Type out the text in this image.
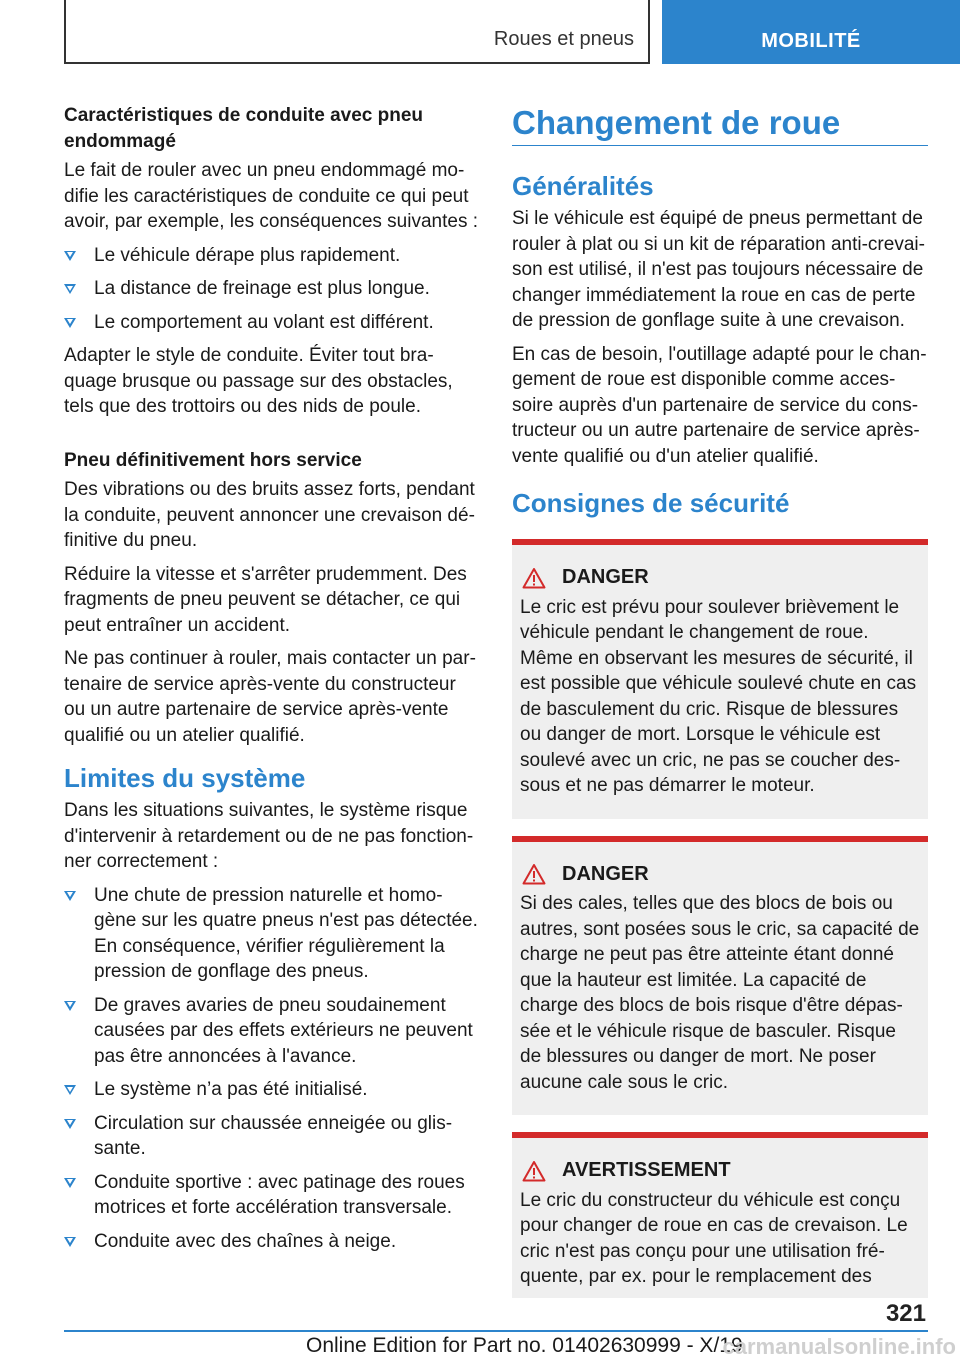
Roues et pneus	MOBILITÉ
Caractéristiques de conduite avec pneu endommagé
Le fait de rouler avec un pneu endommagé modifie les caractéristiques de conduite ce qui peut avoir, par exemple, les conséquences suivantes :
Le véhicule dérape plus rapidement.
La distance de freinage est plus longue.
Le comportement au volant est différent.
Adapter le style de conduite. Éviter tout braquage brusque ou passage sur des obstacles, tels que des trottoirs ou des nids de poule.
Pneu définitivement hors service
Des vibrations ou des bruits assez forts, pendant la conduite, peuvent annoncer une crevaison définitive du pneu.
Réduire la vitesse et s'arrêter prudemment. Des fragments de pneu peuvent se détacher, ce qui peut entraîner un accident.
Ne pas continuer à rouler, mais contacter un partenaire de service après-vente du constructeur ou un autre partenaire de service après-vente qualifié ou un atelier qualifié.
Limites du système
Dans les situations suivantes, le système risque d'intervenir à retardement ou de ne pas fonctionner correctement :
Une chute de pression naturelle et homogène sur les quatre pneus n'est pas détectée. En conséquence, vérifier régulièrement la pression de gonflage des pneus.
De graves avaries de pneu soudainement causées par des effets extérieurs ne peuvent pas être annoncées à l'avance.
Le système n’a pas été initialisé.
Circulation sur chaussée enneigée ou glissante.
Conduite sportive : avec patinage des roues motrices et forte accélération transversale.
Conduite avec des chaînes à neige.
Changement de roue
Généralités
Si le véhicule est équipé de pneus permettant de rouler à plat ou si un kit de réparation anti-crevaison est utilisé, il n'est pas toujours nécessaire de changer immédiatement la roue en cas de perte de pression de gonflage suite à une crevaison.
En cas de besoin, l'outillage adapté pour le changement de roue est disponible comme accessoire auprès d'un partenaire de service du constructeur ou un autre partenaire de service après-vente qualifié ou d'un atelier qualifié.
Consignes de sécurité
DANGER
Le cric est prévu pour soulever brièvement le véhicule pendant le changement de roue. Même en observant les mesures de sécurité, il est possible que véhicule soulevé chute en cas de basculement du cric. Risque de blessures ou danger de mort. Lorsque le véhicule est soulevé avec un cric, ne pas se coucher dessous et ne pas démarrer le moteur.
DANGER
Si des cales, telles que des blocs de bois ou autres, sont posées sous le cric, sa capacité de charge ne peut pas être atteinte étant donné que la hauteur est limitée. La capacité de charge des blocs de bois risque d'être dépassée et le véhicule risque de basculer. Risque de blessures ou danger de mort. Ne poser aucune cale sous le cric.
AVERTISSEMENT
Le cric du constructeur du véhicule est conçu pour changer de roue en cas de crevaison. Le cric n'est pas conçu pour une utilisation fréquente, par ex. pour le remplacement des
321
Online Edition for Part no. 01402630999 - X/19
carmanualsonline.info
